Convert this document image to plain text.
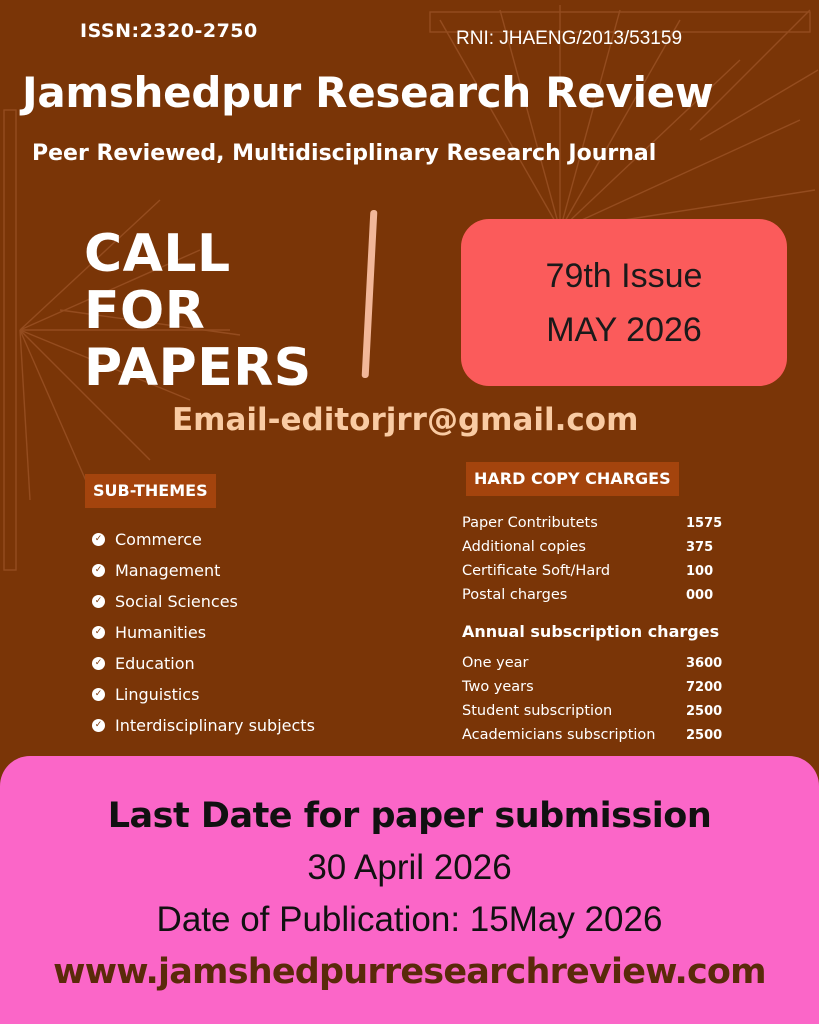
ISSN:2320-2750	RNI: JHAENG/2013/53159
Jamshedpur Research Review
Peer Reviewed, Multidisciplinary Research Journal
CALL
FOR
PAPERS
79th Issue
MAY 2026
Email-editorjrr@gmail.com
SUB-THEMES
✓ Commerce
✓ Management
✓ Social Sciences
✓ Humanities
✓ Education
✓ Linguistics
✓ Interdisciplinary subjects
HARD COPY CHARGES
Paper Contributets	1575
Additional copies	375
Certificate Soft/Hard	100
Postal charges	000
Annual subscription charges
One year	3600
Two years	7200
Student subscription	2500
Academicians subscription 2500
Last Date for paper submission
30 April 2026
Date of Publication: 15May 2026
www.jamshedpurresearchreview.com
